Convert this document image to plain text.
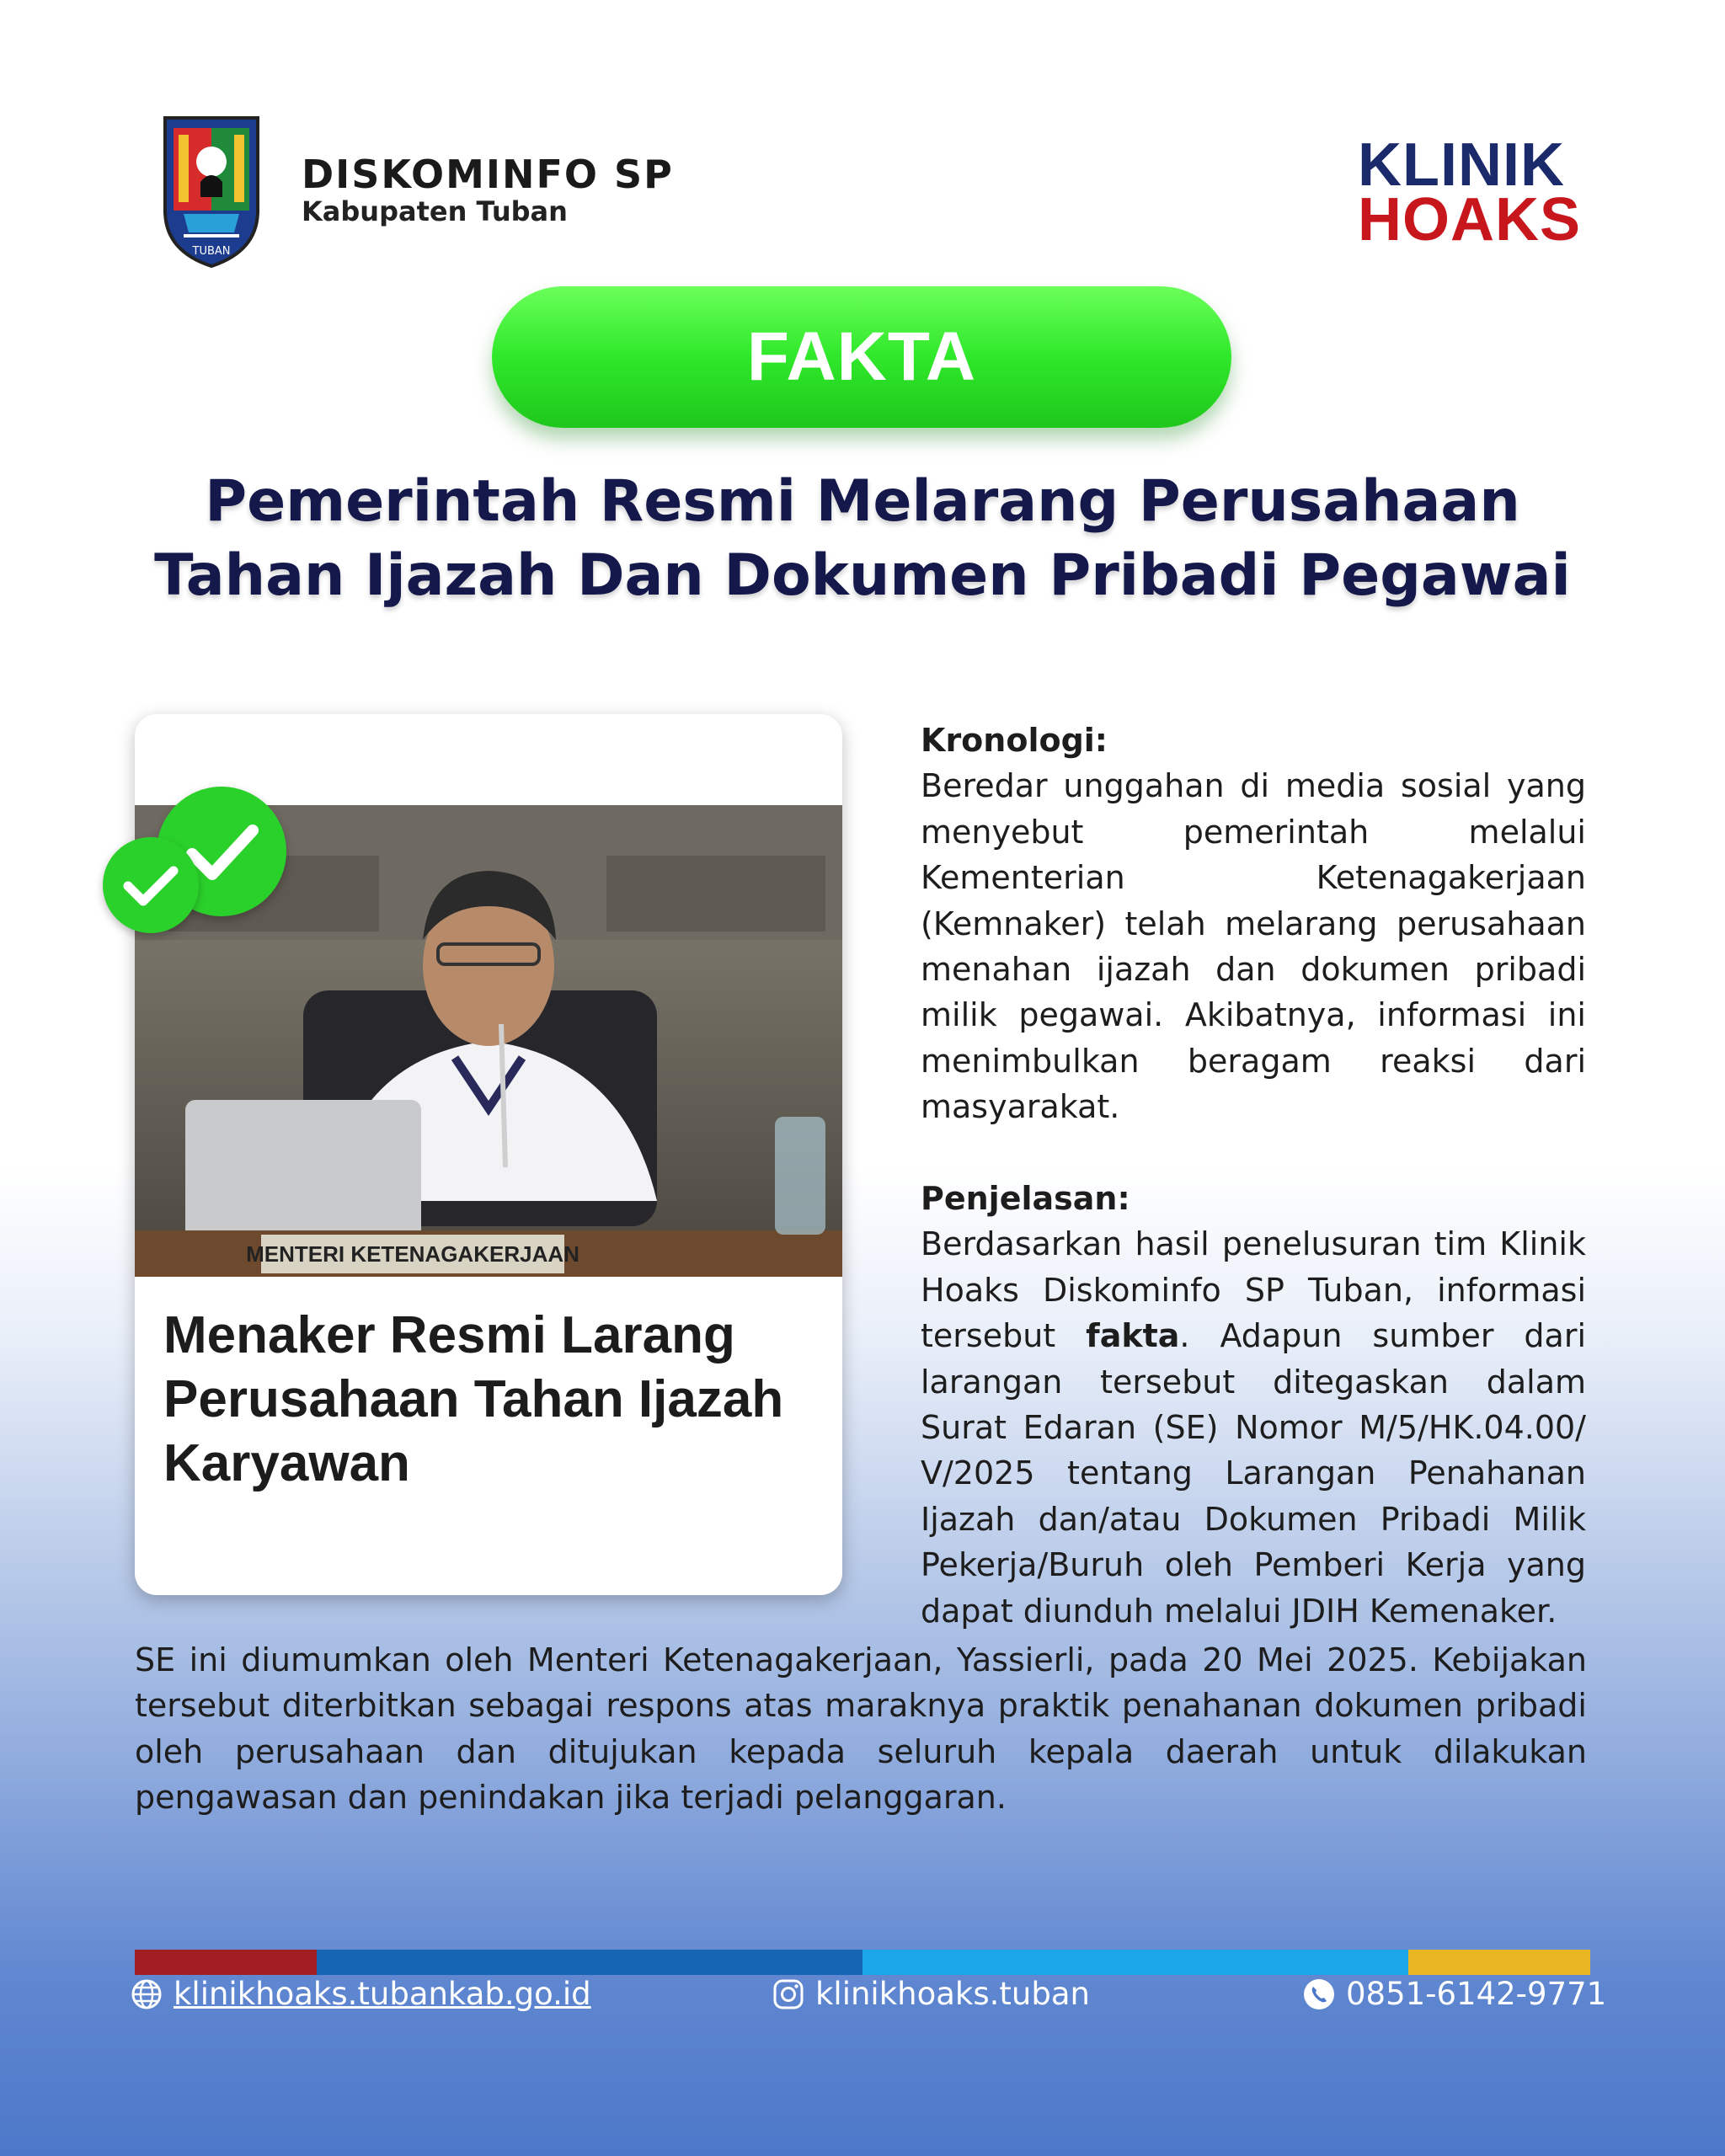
TUBAN
DISKOMINFO SP
Kabupaten Tuban
KLINIK
HOAKS
FAKTA
Pemerintah Resmi Melarang Perusahaan Tahan Ijazah Dan Dokumen Pribadi Pegawai
MENTERI KETENAGAKERJAAN
Menaker Resmi Larang Perusahaan Tahan Ijazah Karyawan
Kronologi:

Beredar unggahan di media sosial yang menyebut pemerintah melalui Kementerian Ketenagakerjaan (Kemnaker) telah melarang perusahaan menahan ijazah dan dokumen pribadi milik pegawai. Akibatnya, informasi ini menimbulkan beragam reaksi dari masyarakat.

Penjelasan:

Berdasarkan hasil penelusuran tim Klinik Hoaks Diskominfo SP Tuban, informasi tersebut fakta. Adapun sumber dari larangan tersebut ditegaskan dalam Surat Edaran (SE) Nomor M/5/HK.04.00/ V/2025 tentang Larangan Penahanan Ijazah dan/atau Dokumen Pribadi Milik Pekerja/Buruh oleh Pemberi Kerja yang dapat diunduh melalui JDIH Kemenaker.

SE ini diumumkan oleh Menteri Ketenagakerjaan, Yassierli, pada 20 Mei 2025. Kebijakan tersebut diterbitkan sebagai respons atas maraknya praktik penahanan dokumen pribadi oleh perusahaan dan ditujukan kepada seluruh kepala daerah untuk dilakukan pengawasan dan penindakan jika terjadi pelanggaran.
klinikhoaks.tubankab.go.id	klinikhoaks.tuban	0851-6142-9771
